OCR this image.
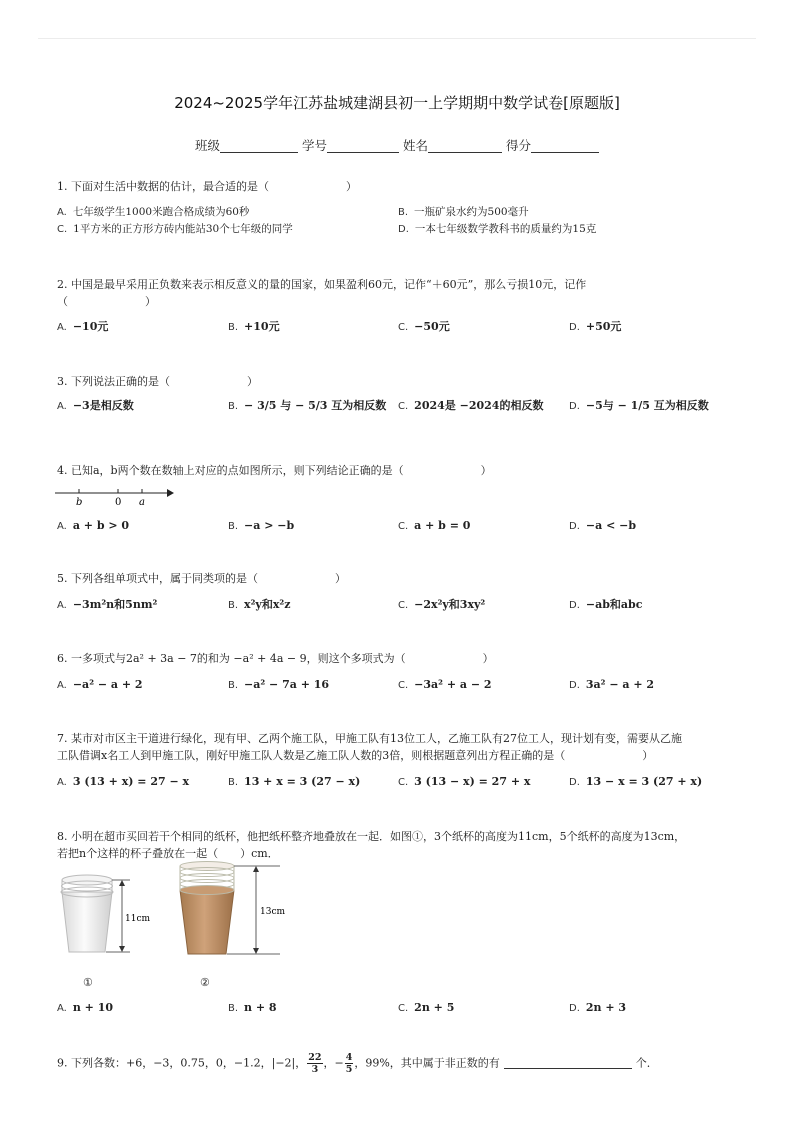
2024~2025学年江苏盐城建湖县初一上学期期中数学试卷[原题版]
班级	学号	姓名	得分
1. 下面对生活中数据的估计，最合适的是（　　　　　　　）
A. 七年级学生1000米跑合格成绩为60秒	B. 一瓶矿泉水约为500毫升
C. 1平方米的正方形方砖内能站30个七年级的同学	D. 一本七年级数学教科书的质量约为15克
2. 中国是最早采用正负数来表示相反意义的量的国家，如果盈利60元，记作“＋60元”，那么亏损10元，记作
（　　　　　　　）
A. −10元	B. +10元	C. −50元	D. +50元
3. 下列说法正确的是（　　　　　　　）
A. −3是相反数	B. − 3/5 与 − 5/3 互为相反数 C. 2024是 −2024的相反数	D. −5与 − 1/5 互为相反数
4. 已知a，b两个数在数轴上对应的点如图所示，则下列结论正确的是（　　　　　　　）
b	0 a
A. a + b > 0	B. −a > −b	C. a + b = 0	D. −a < −b
5. 下列各组单项式中，属于同类项的是（　　　　　　　）
A. −3m²n和5nm²	B. x²y和x²z	C. −2x²y和3xy²	D. −ab和abc
6. 一多项式与2a² + 3a − 7的和为 −a² + 4a − 9，则这个多项式为（　　　　　　　）
A. −a² − a + 2	B. −a² − 7a + 16	C. −3a² + a − 2	D. 3a² − a + 2
7. 某市对市区主干道进行绿化，现有甲、乙两个施工队，甲施工队有13位工人，乙施工队有27位工人，现计划有变，需要从乙施
工队借调x名工人到甲施工队，刚好甲施工队人数是乙施工队人数的3倍，则根据题意列出方程正确的是（　　　　　　　）
A. 3 (13 + x) = 27 − x	B. 13 + x = 3 (27 − x)	C. 3 (13 − x) = 27 + x	D. 13 − x = 3 (27 + x)
8. 小明在超市买回若干个相同的纸杯，他把纸杯整齐地叠放在一起．如图①，3个纸杯的高度为11cm，5个纸杯的高度为13cm，
若把n个这样的杯子叠放在一起（　　）cm．
11cm
①
13cm
②
A. n + 10	B. n + 8	C. 2n + 5	D. 2n + 3
9. 下列各数：+6，−3，0.75，0，−1.2，|−2|， $\frac{22}{3}$ ，− $\frac{4}{5}$ ，99%，其中属于非正数的有	个．
